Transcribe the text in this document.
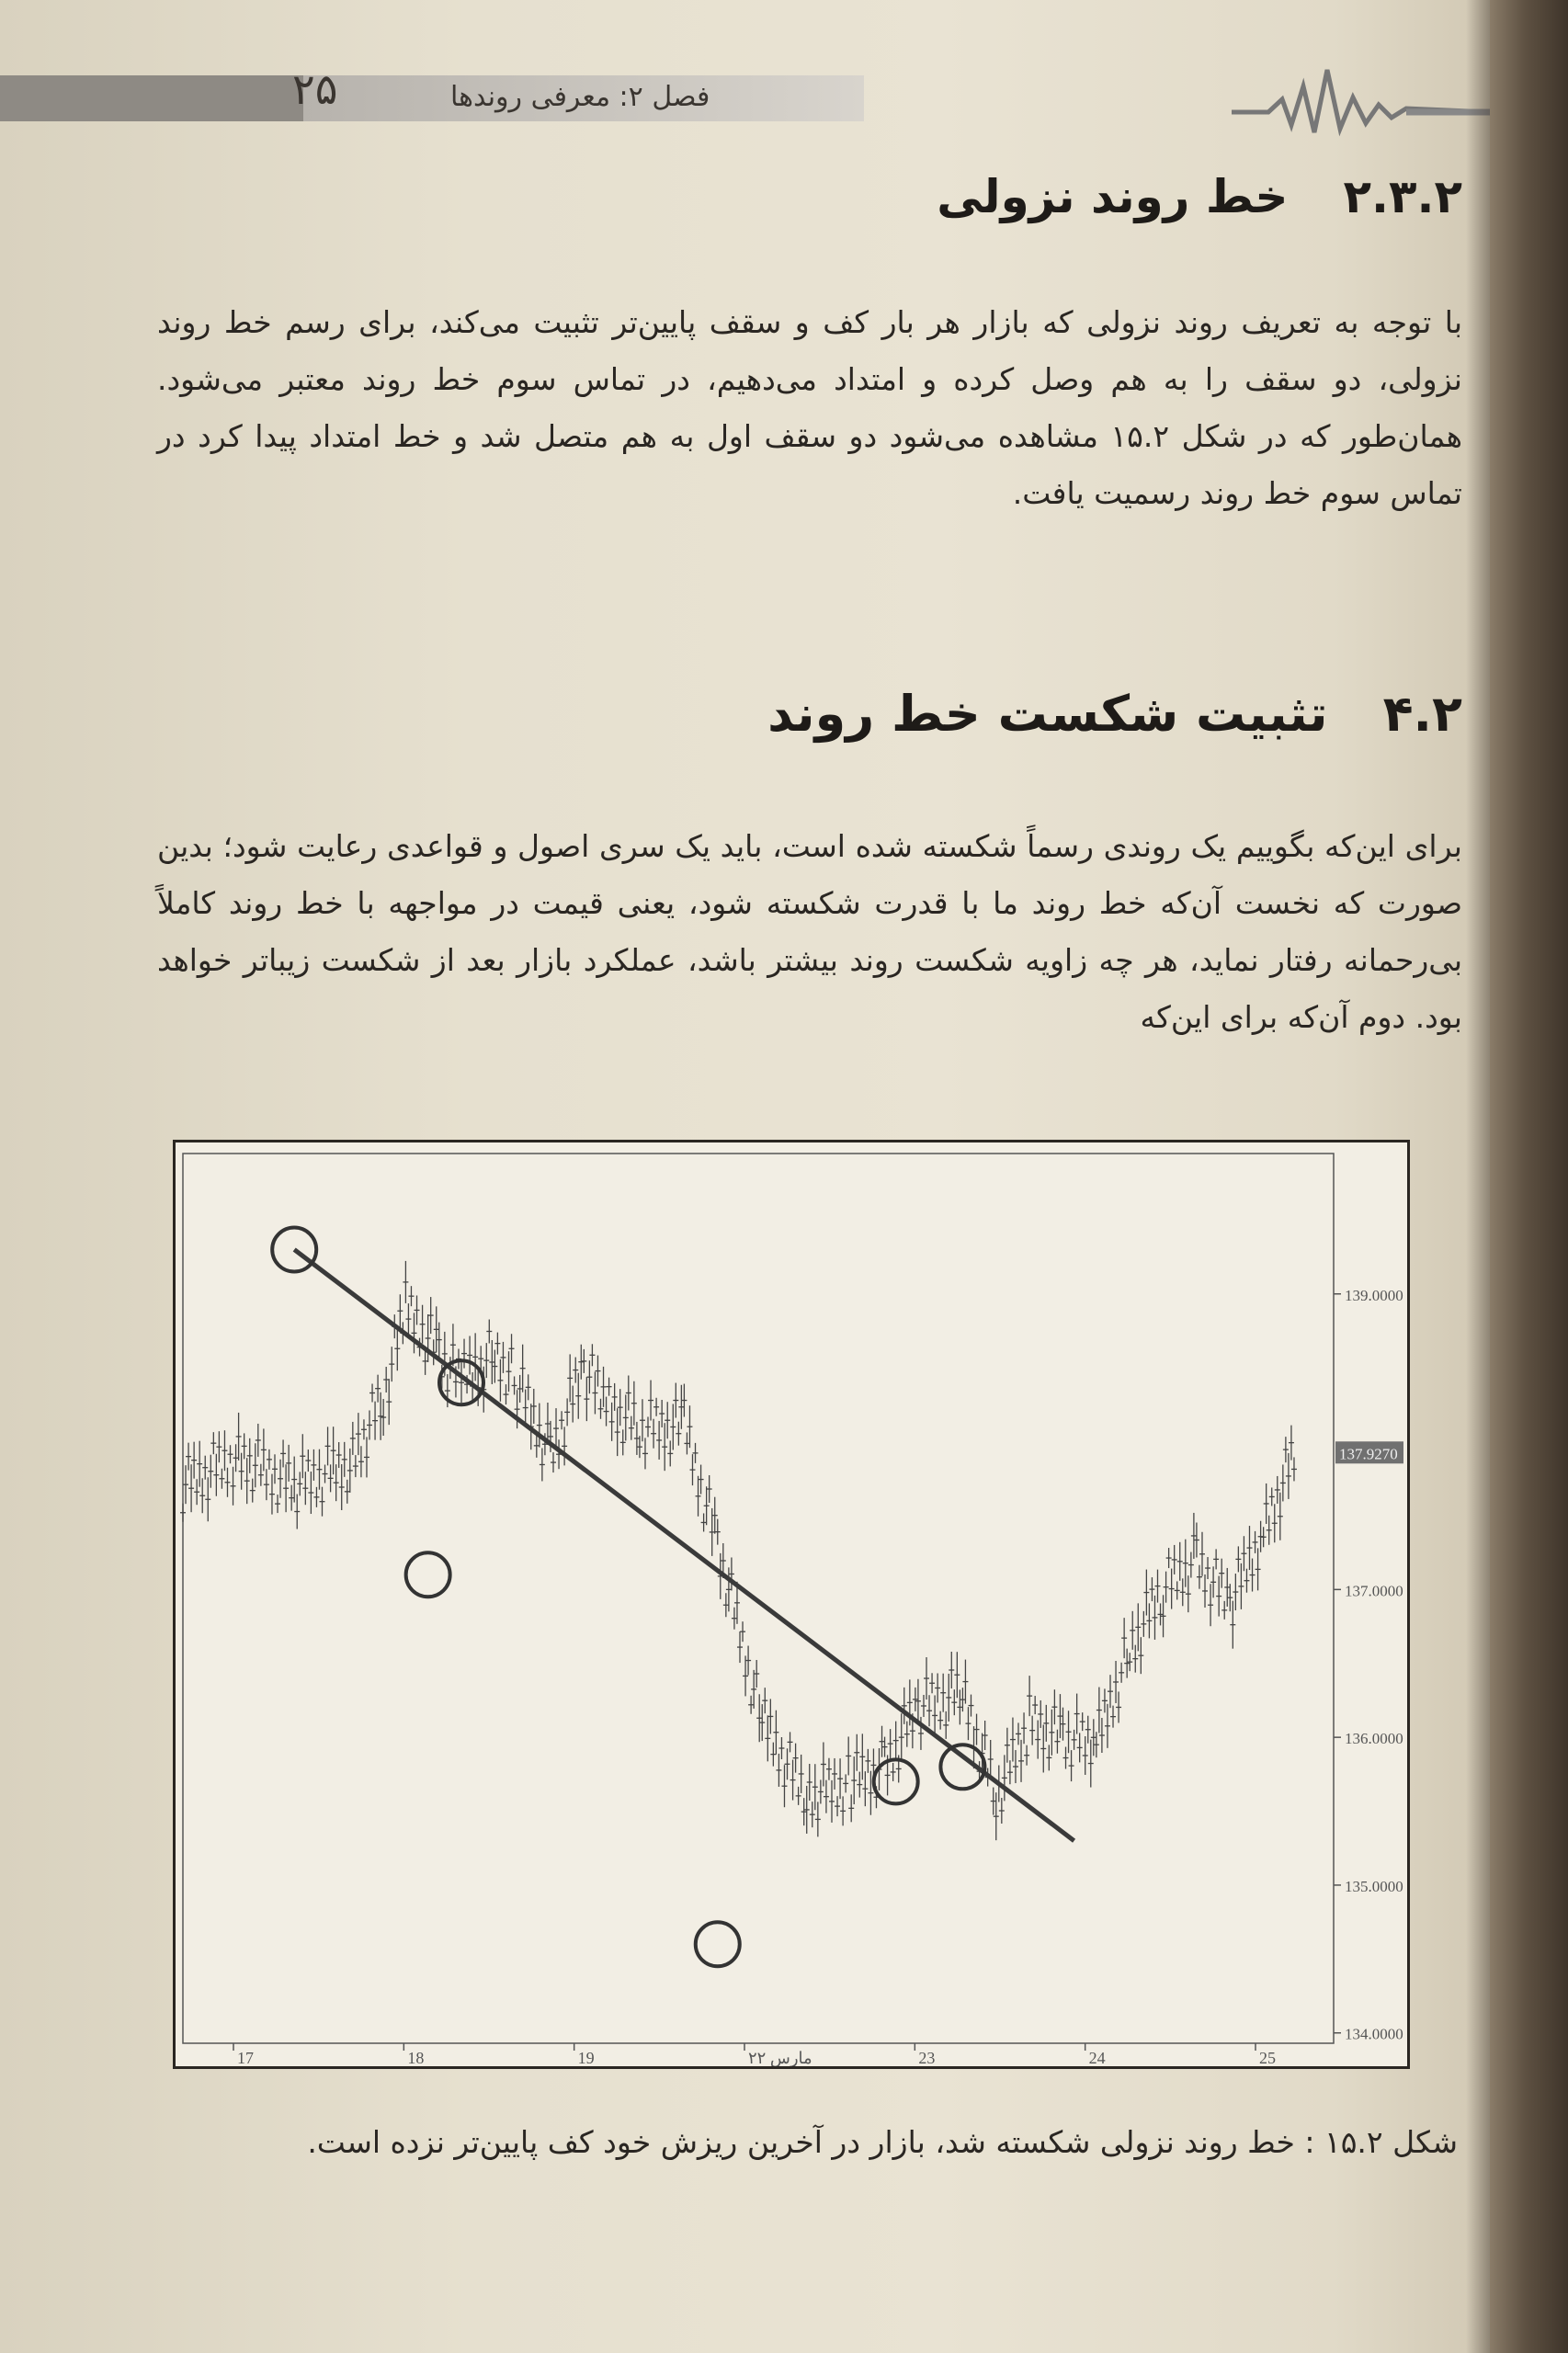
۲۵	فصل ۲: معرفی روندها
۲.۳.۲خط روند نزولی
با توجه به تعریف روند نزولی که بازار هر بار کف و سقف پایین‌تر تثبیت می‌کند، برای رسم خط روند نزولی، دو سقف را به هم وصل کرده و امتداد می‌دهیم، در تماس سوم خط روند معتبر می‌شود. همان‌طور که در شکل ۱۵.۲ مشاهده می‌شود دو سقف اول به هم متصل شد و خط امتداد پیدا کرد در تماس سوم خط روند رسمیت یافت.
۴.۲تثبیت شکست خط روند
برای این‌که بگوییم یک روندی رسماً شکسته شده است، باید یک سری اصول و قواعدی رعایت شود؛ بدین صورت که نخست آن‌که خط روند ما با قدرت شکسته شود، یعنی قیمت در مواجهه با خط روند کاملاً بی‌رحمانه رفتار نماید، هر چه زاویه شکست روند بیشتر باشد، عملکرد بازار بعد از شکست زیباتر خواهد بود. دوم آن‌که برای این‌که
139.0000
137.0000
136.0000
135.0000
134.0000
137.9270
17	18	19	مارس ۲۲	23	24	25
شکل ۱۵.۲ : خط روند نزولی شکسته شد، بازار در آخرین ریزش خود کف پایین‌تر نزده است.
